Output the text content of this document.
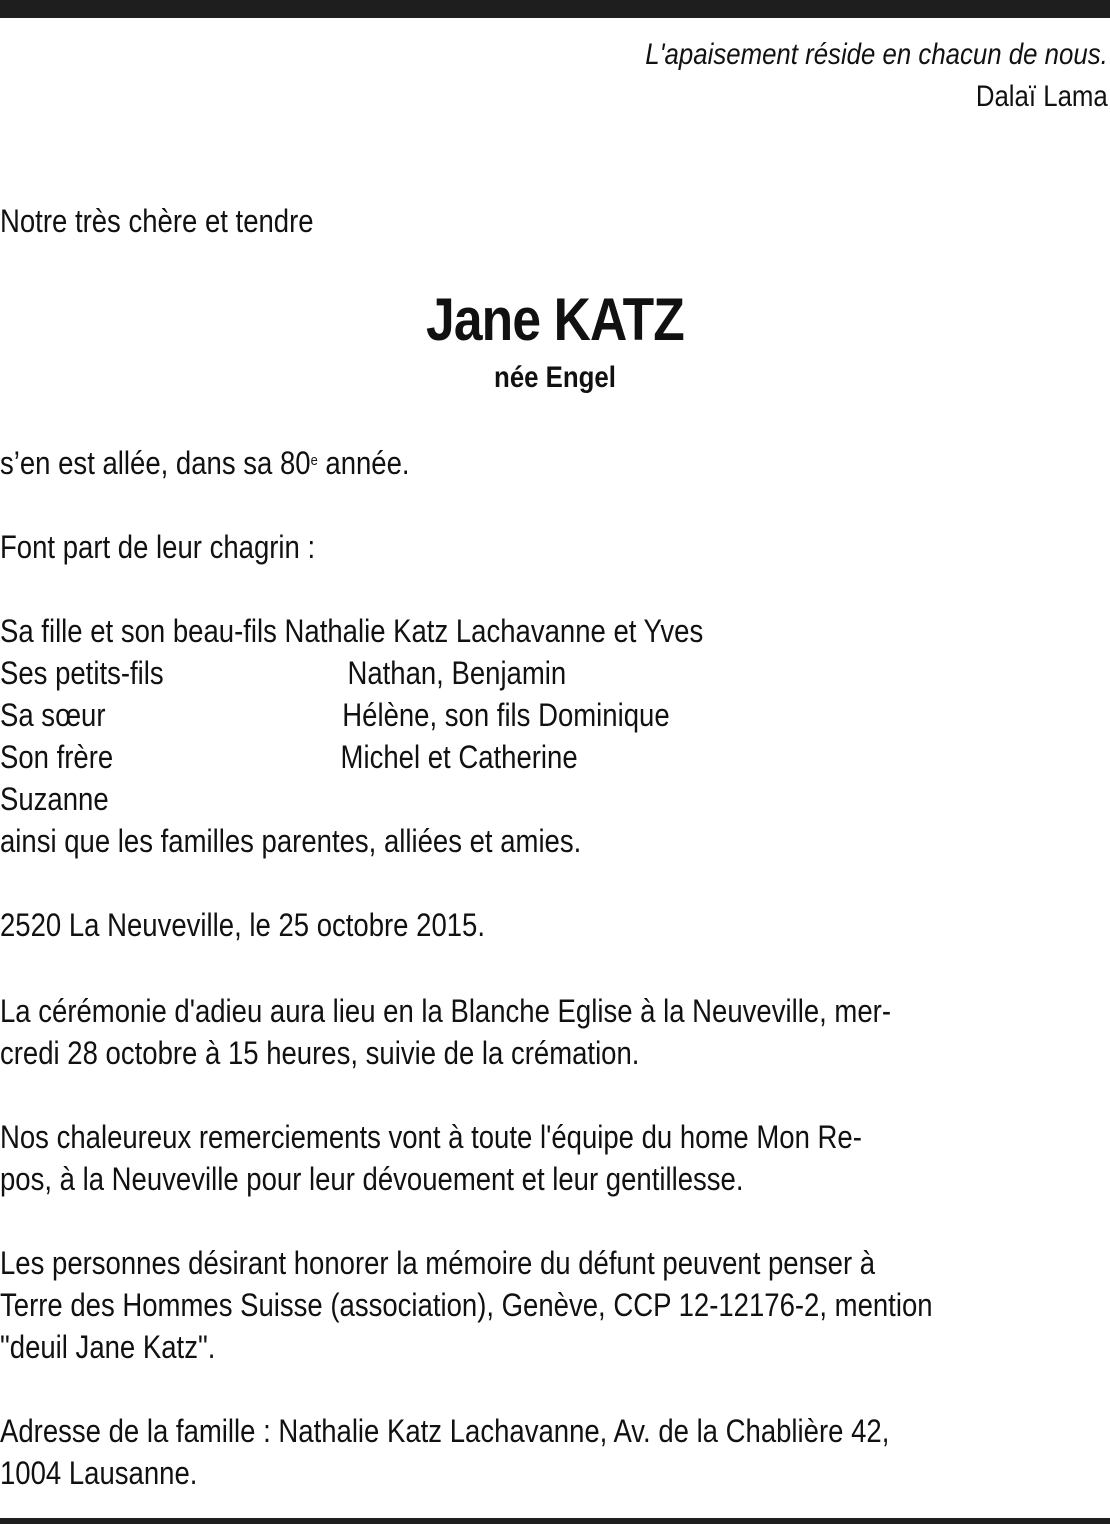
L'apaisement réside en chacun de nous.
Dalaï Lama
Notre très chère et tendre
Jane KATZ
née Engel
s’en est allée, dans sa 80e année.
Font part de leur chagrin :
Sa fille et son beau-fils Nathalie Katz Lachavanne et Yves
Ses petits-fils	Nathan, Benjamin
Sa sœur	Hélène, son fils Dominique
Son frère	Michel et Catherine
Suzanne
ainsi que les familles parentes, alliées et amies.
2520 La Neuveville, le 25 octobre 2015.
La cérémonie d'adieu aura lieu en la Blanche Eglise à la Neuveville, mer-
credi 28 octobre à 15 heures, suivie de la crémation.
Nos chaleureux remerciements vont à toute l'équipe du home Mon Re-
pos, à la Neuveville pour leur dévouement et leur gentillesse.
Les personnes désirant honorer la mémoire du défunt peuvent penser à
Terre des Hommes Suisse (association), Genève, CCP 12-12176-2, mention
"deuil Jane Katz".
Adresse de la famille : Nathalie Katz Lachavanne, Av. de la Chablière 42,
1004 Lausanne.
